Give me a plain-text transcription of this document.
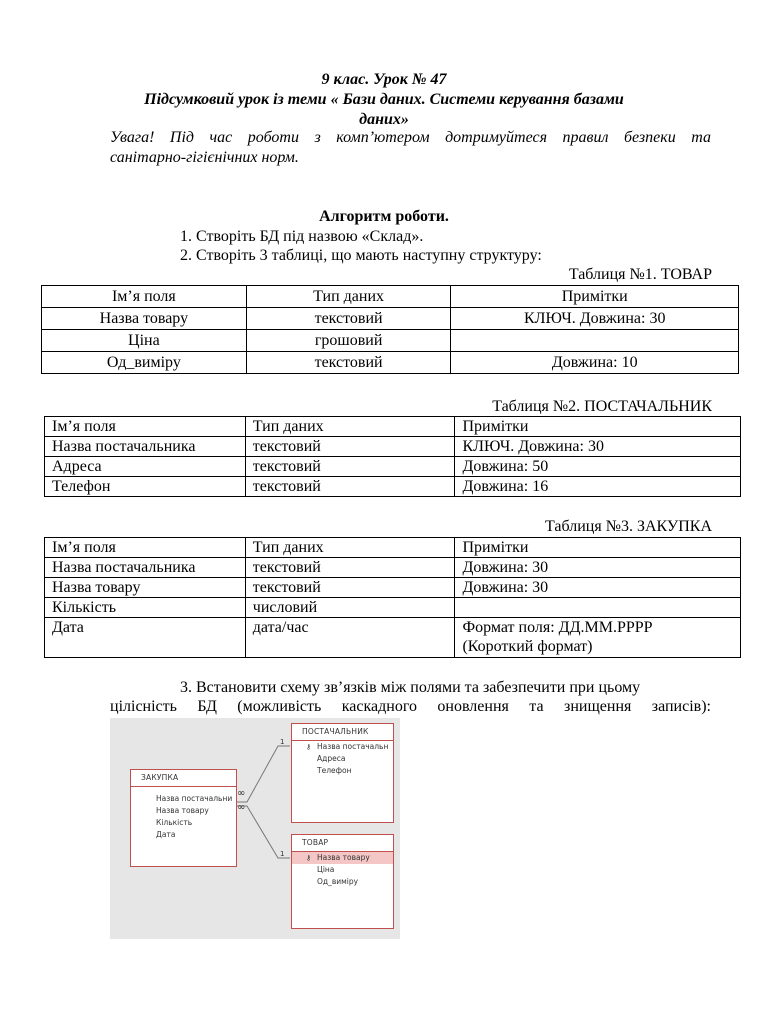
9 клас. Урок № 47
Підсумковий урок із теми « Бази даних. Системи керування базами
даних»
Увага! Під час роботи з комп’ютером дотримуйтеся правил безпеки та
санітарно-гігієнічних норм.
Алгоритм роботи.
1. Створіть БД під назвою «Склад».
2. Створіть 3 таблиці, що мають наступну структуру:
Таблиця №1. ТОВАР
Ім’я поля	Тип даних	Примітки
Назва товару	текстовий	КЛЮЧ. Довжина: 30
Ціна	грошовий	
Од_виміру	текстовий	Довжина: 10
Таблиця №2. ПОСТАЧАЛЬНИК
Ім’я поля	Тип даних	Примітки
Назва постачальника	текстовий	КЛЮЧ. Довжина: 30
Адреса	текстовий	Довжина: 50
Телефон	текстовий	Довжина: 16
Таблиця №3. ЗАКУПКА
Ім’я поля	Тип даних	Примітки
Назва постачальника	текстовий	Довжина: 30
Назва товару	текстовий	Довжина: 30
Кількість	числовий	
Дата	дата/час	Формат поля: ДД.ММ.РРРР
(Короткий формат)
3. Встановити схему зв’язків між полями та забезпечити при цьому
цілісність БД (можливість каскадного оновлення та знищення записів):
1
1
∞
∞
ЗАКУПКА
Назва постачальни
Назва товару
Кількість
Дата
ПОСТАЧАЛЬНИК
⚷ Назва постачальн
Адреса
Телефон
ТОВАР
⚷ Назва товару
Ціна
Од_виміру
